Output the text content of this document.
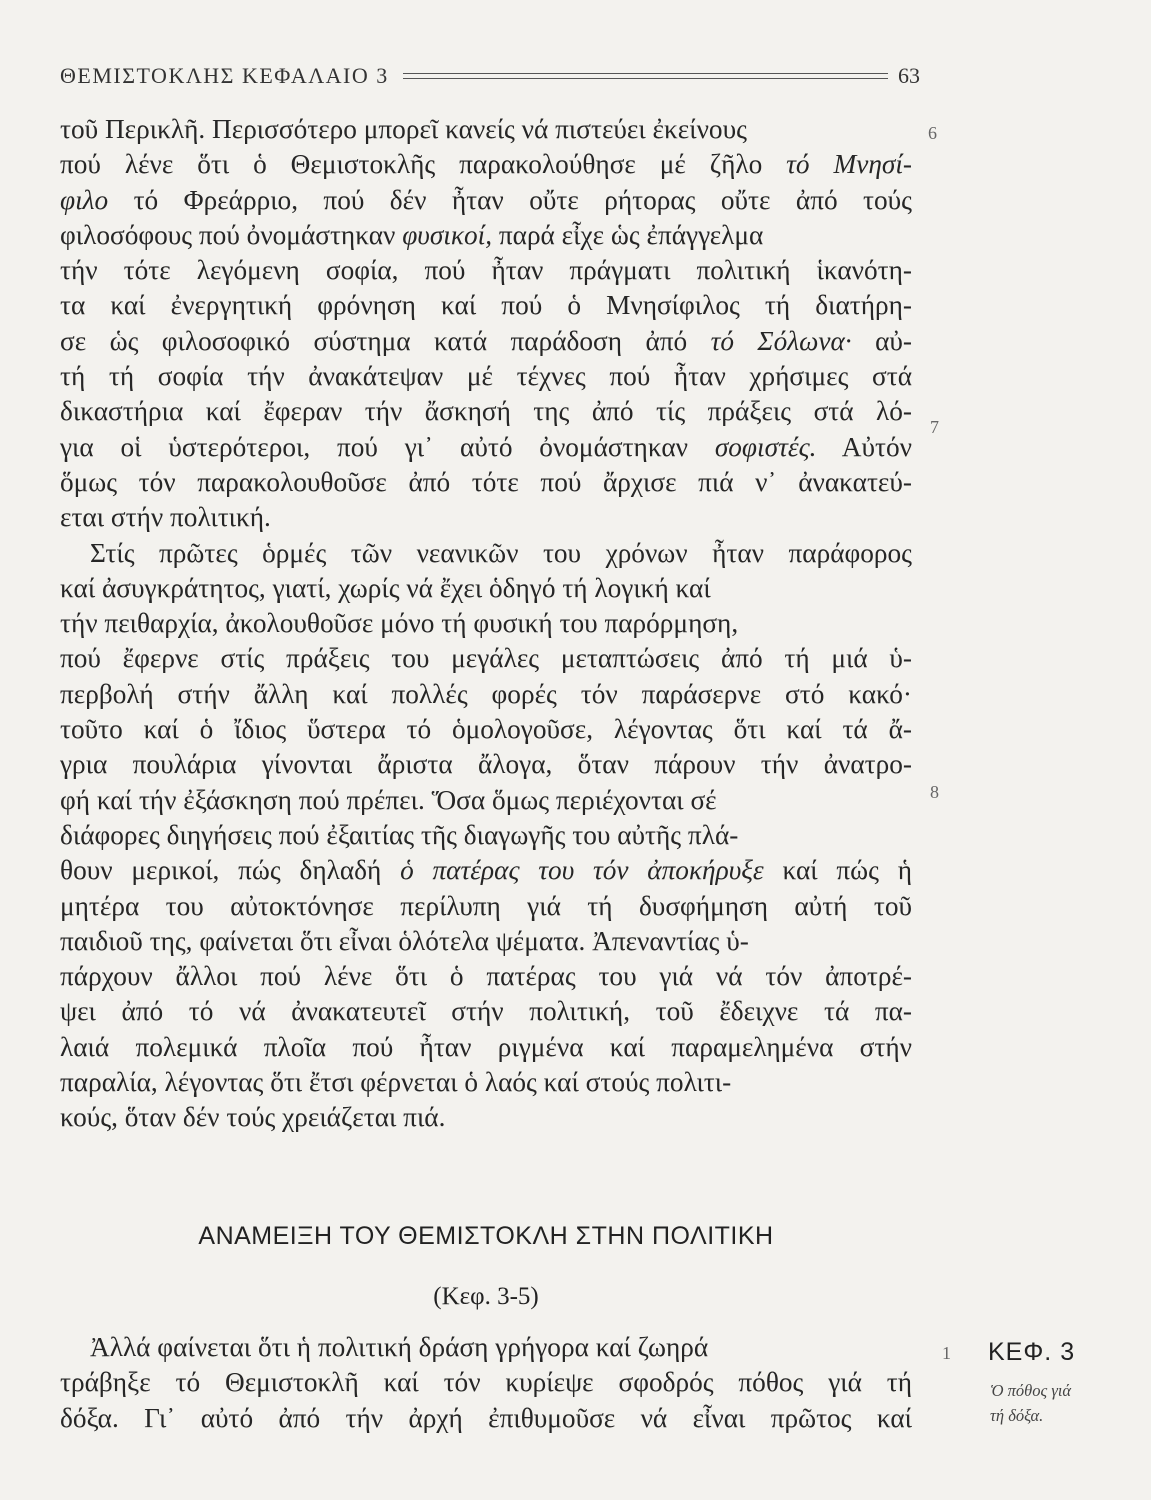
ΘΕΜΙΣΤΟΚΛΗΣ ΚΕΦΑΛΑΙΟ 3	63
6
7
8
1
τοῦ Περικλῆ. Περισσότερο μπορεῖ κανείς νά πιστεύει ἐκείνους
πού λένε ὅτι ὁ Θεμιστοκλῆς παρακολούθησε μέ ζῆλο τό Μνησί-
φιλο τό Φρεάρριο, πού δέν ἦταν οὔτε ρήτορας οὔτε ἀπό τούς
φιλοσόφους πού ὀνομάστηκαν φυσικοί, παρά εἶχε ὡς ἐπάγγελμα
τήν τότε λεγόμενη σοφία, πού ἦταν πράγματι πολιτική ἱκανότη-
τα καί ἐνεργητική φρόνηση καί πού ὁ Μνησίφιλος τή διατήρη-
σε ὡς φιλοσοφικό σύστημα κατά παράδοση ἀπό τό Σόλωνα· αὐ-
τή τή σοφία τήν ἀνακάτεψαν μέ τέχνες πού ἦταν χρήσιμες στά
δικαστήρια καί ἔφεραν τήν ἄσκησή της ἀπό τίς πράξεις στά λό-
για οἱ ὑστερότεροι, πού γι᾿ αὐτό ὀνομάστηκαν σοφιστές. Αὐτόν
ὅμως τόν παρακολουθοῦσε ἀπό τότε πού ἄρχισε πιά ν᾿ ἀνακατεύ-
εται στήν πολιτική.
Στίς πρῶτες ὁρμές τῶν νεανικῶν του χρόνων ἦταν παράφορος
καί ἀσυγκράτητος, γιατί, χωρίς νά ἔχει ὁδηγό τή λογική καί
τήν πειθαρχία, ἀκολουθοῦσε μόνο τή φυσική του παρόρμηση,
πού ἔφερνε στίς πράξεις του μεγάλες μεταπτώσεις ἀπό τή μιά ὑ-
περβολή στήν ἄλλη καί πολλές φορές τόν παράσερνε στό κακό·
τοῦτο καί ὁ ἴδιος ὕστερα τό ὁμολογοῦσε, λέγοντας ὅτι καί τά ἄ-
γρια πουλάρια γίνονται ἄριστα ἄλογα, ὅταν πάρουν τήν ἀνατρο-
φή καί τήν ἐξάσκηση πού πρέπει. Ὅσα ὅμως περιέχονται σέ
διάφορες διηγήσεις πού ἐξαιτίας τῆς διαγωγῆς του αὐτῆς πλά-
θουν μερικοί, πώς δηλαδή ὁ πατέρας του τόν ἀποκήρυξε καί πώς ἡ
μητέρα του αὐτοκτόνησε περίλυπη γιά τή δυσφήμηση αὐτή τοῦ
παιδιοῦ της, φαίνεται ὅτι εἶναι ὁλότελα ψέματα. Ἀπεναντίας ὑ-
πάρχουν ἄλλοι πού λένε ὅτι ὁ πατέρας του γιά νά τόν ἀποτρέ-
ψει ἀπό τό νά ἀνακατευτεῖ στήν πολιτική, τοῦ ἔδειχνε τά πα-
λαιά πολεμικά πλοῖα πού ἦταν ριγμένα καί παραμελημένα στήν
παραλία, λέγοντας ὅτι ἔτσι φέρνεται ὁ λαός καί στούς πολιτι-
κούς, ὅταν δέν τούς χρειάζεται πιά.
ΑΝΑΜΕΙΞΗ ΤΟΥ ΘΕΜΙΣΤΟΚΛΗ ΣΤΗΝ ΠΟΛΙΤΙΚΗ
(Κεφ. 3-5)
Ἀλλά φαίνεται ὅτι ἡ πολιτική δράση γρήγορα καί ζωηρά
τράβηξε τό Θεμιστοκλῆ καί τόν κυρίεψε σφοδρός πόθος γιά τή
δόξα. Γι᾿ αὐτό ἀπό τήν ἀρχή ἐπιθυμοῦσε νά εἶναι πρῶτος καί
ΚΕΦ. 3
Ὁ πόθος γιά
τή δόξα.
